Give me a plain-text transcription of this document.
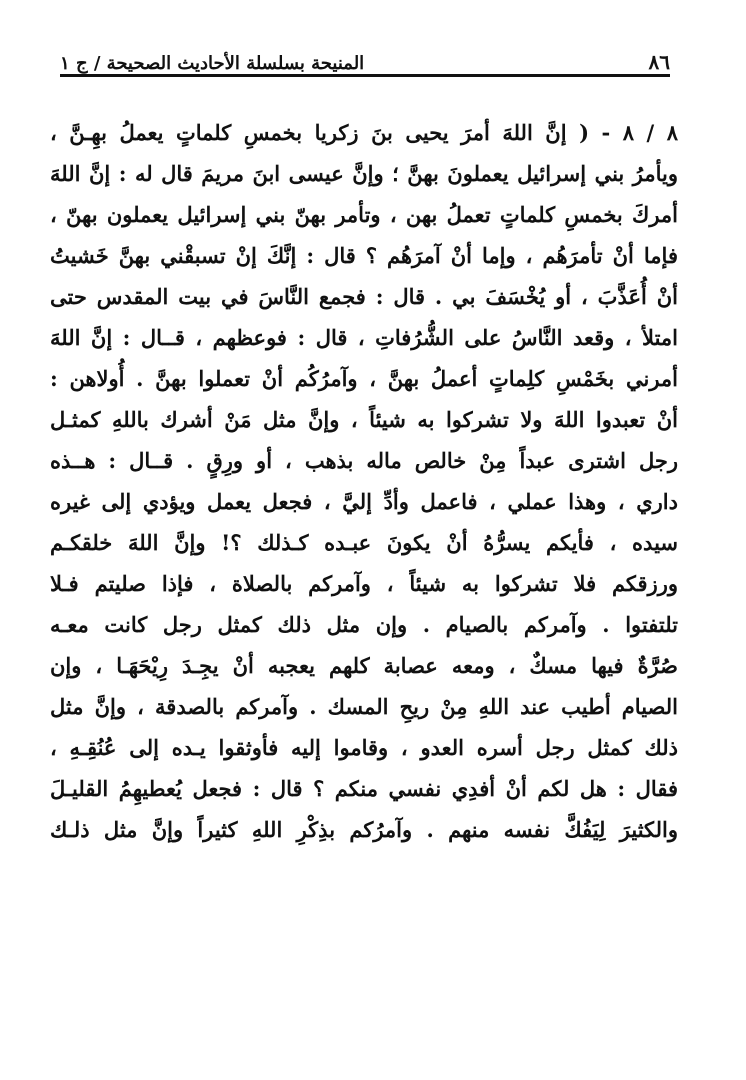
٨٦
المنيحة بسلسلة الأحاديث الصحيحة / ج ١
٨ / ٨ - ( إنَّ اللهَ أمرَ يحيى بنَ زكريا بخمسِ كلماتٍ يعملُ بهِـنَّ ،
ويأمرُ بني إسرائيل يعملونَ بهنَّ ؛ وإنَّ عيسى ابنَ مريمَ قال له : إنَّ اللهَ
أمركَ بخمسِ كلماتٍ تعملُ بهن ، وتأمر بهنّ بني إسرائيل يعملون بهنّ ،
فإما أنْ تأمرَهُم ، وإما أنْ آمرَهُم ؟ قال : إنَّكَ إنْ تسبقْني بهنَّ خَشيتُ
أنْ أُعَذَّبَ ، أو يُخْسَفَ بي . قال : فجمع النَّاسَ في بيت المقدس حتى
امتلأ ، وقعد النَّاسُ على الشُّرُفاتِ ، قال : فوعظهم ، قــال : إنَّ اللهَ
أمرني بخَمْسِ كلِماتٍ أعملُ بهنَّ ، وآمرُكُم أنْ تعملوا بهنَّ . أُولاهن :
أنْ تعبدوا اللهَ ولا تشركوا به شيئاً ، وإنَّ مثل مَنْ أشرك باللهِ كمثـل
رجل اشترى عبداً مِنْ خالص ماله بذهب ، أو ورِقٍ . قــال : هــذه
داري ، وهذا عملي ، فاعمل وأدِّ إليَّ ، فجعل يعمل ويؤدي إلى غيره
سيده ، فأيكم يسرُّهُ أنْ يكونَ عبـده كـذلك ؟! وإنَّ اللهَ خلقكـم
ورزقكم فلا تشركوا به شيئاً ، وآمركم بالصلاة ، فإذا صليتم فـلا
تلتفتوا . وآمركم بالصيام . وإن مثل ذلك كمثل رجل كانت معـه
صُرَّةٌ فيها مسكٌ ، ومعه عصابة كلهم يعجبه أنْ يجِـدَ رِيْحَهَـا ، وإن
الصيام أطيب عند اللهِ مِنْ ريحِ المسك . وآمركم بالصدقة ، وإنَّ مثل
ذلك كمثل رجل أسره العدو ، وقاموا إليه فأوثقوا يـده إلى عُنُقِـهِ ،
فقال : هل لكم أنْ أفدِي نفسي منكم ؟ قال : فجعل يُعطيهِمُ القليـلَ
والكثيرَ لِيَفُكَّ نفسه منهم . وآمرُكم بذِكْرِ اللهِ كثيراً وإنَّ مثل ذلـك
